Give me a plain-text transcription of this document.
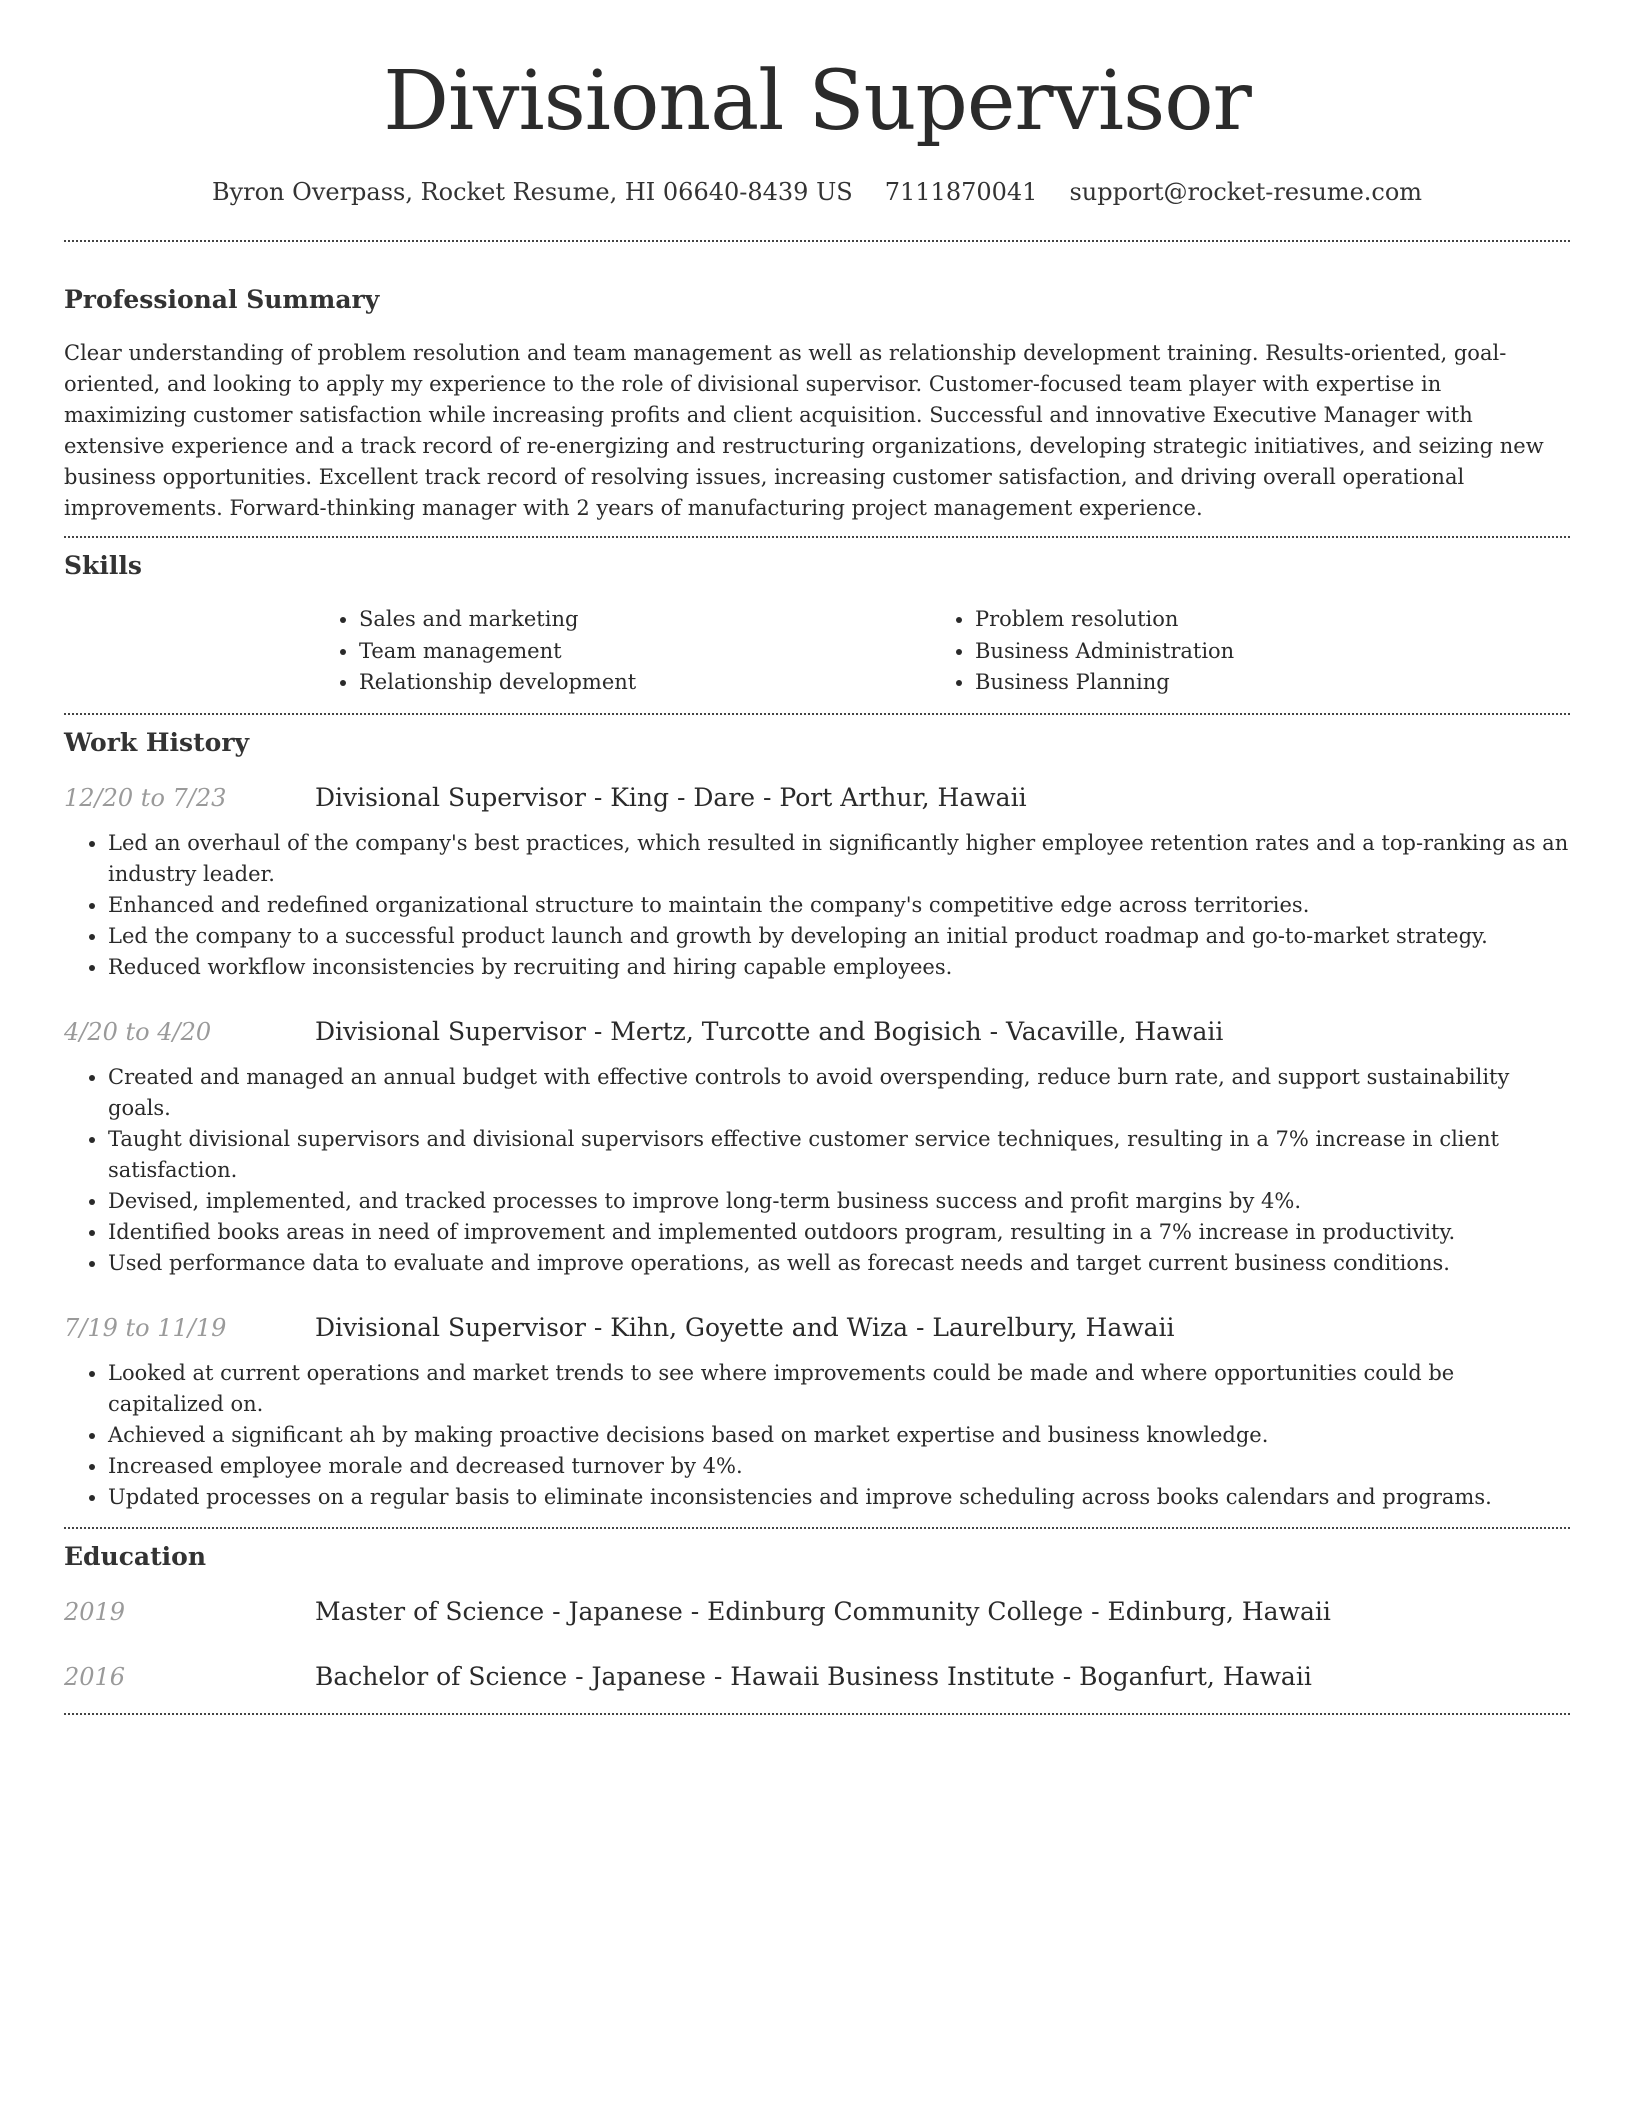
Divisional Supervisor
Byron Overpass, Rocket Resume, HI 06640-8439 US 7111870041 support@rocket-resume.com
Professional Summary

Clear understanding of problem resolution and team management as well as relationship development training. Results-oriented, goal-oriented, and looking to apply my experience to the role of divisional supervisor. Customer-focused team player with expertise in maximizing customer satisfaction while increasing profits and client acquisition. Successful and innovative Executive Manager with extensive experience and a track record of re-energizing and restructuring organizations, developing strategic initiatives, and seizing new business opportunities. Excellent track record of resolving issues, increasing customer satisfaction, and driving overall operational improvements. Forward-thinking manager with 2 years of manufacturing project management experience.

Skills
• Sales and marketing
• Team management
• Relationship development
• Problem resolution
• Business Administration
• Business Planning
Work History
12/20 to 7/23	Divisional Supervisor - King - Dare - Port Arthur, Hawaii
• Led an overhaul of the company's best practices, which resulted in significantly higher employee retention rates and a top-ranking as an industry leader.
• Enhanced and redefined organizational structure to maintain the company's competitive edge across territories.
• Led the company to a successful product launch and growth by developing an initial product roadmap and go-to-market strategy.
• Reduced workflow inconsistencies by recruiting and hiring capable employees.
4/20 to 4/20	Divisional Supervisor - Mertz, Turcotte and Bogisich - Vacaville, Hawaii
• Created and managed an annual budget with effective controls to avoid overspending, reduce burn rate, and support sustainability goals.
• Taught divisional supervisors and divisional supervisors effective customer service techniques, resulting in a 7% increase in client satisfaction.
• Devised, implemented, and tracked processes to improve long-term business success and profit margins by 4%.
• Identified books areas in need of improvement and implemented outdoors program, resulting in a 7% increase in productivity.
• Used performance data to evaluate and improve operations, as well as forecast needs and target current business conditions.
7/19 to 11/19	Divisional Supervisor - Kihn, Goyette and Wiza - Laurelbury, Hawaii
• Looked at current operations and market trends to see where improvements could be made and where opportunities could be capitalized on.
• Achieved a significant ah by making proactive decisions based on market expertise and business knowledge.
• Increased employee morale and decreased turnover by 4%.
• Updated processes on a regular basis to eliminate inconsistencies and improve scheduling across books calendars and programs.
Education
2019	Master of Science - Japanese - Edinburg Community College - Edinburg, Hawaii
2016	Bachelor of Science - Japanese - Hawaii Business Institute - Boganfurt, Hawaii
